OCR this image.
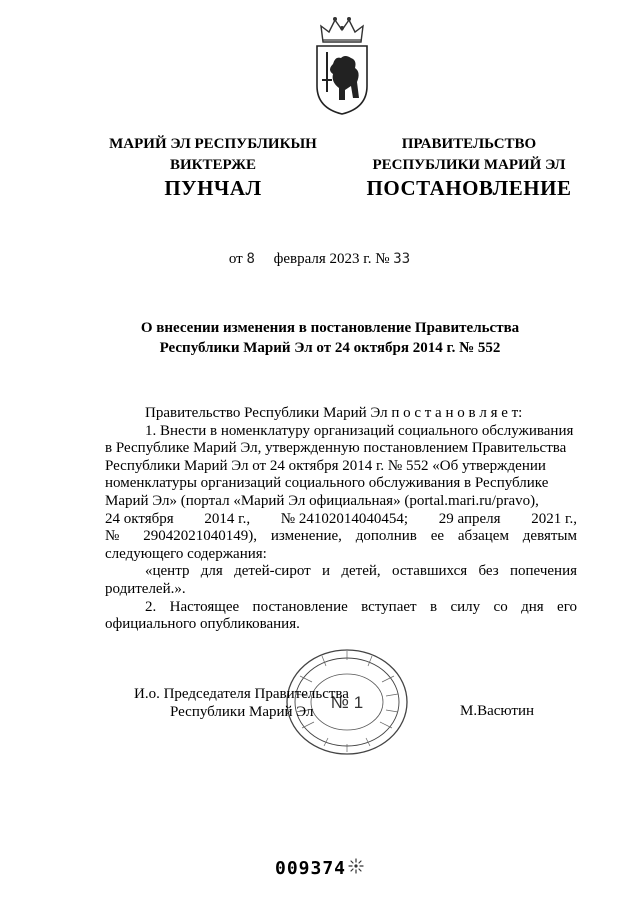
МАРИЙ ЭЛ РЕСПУБЛИКЫН
ВИКТЕРЖЕ
ПУНЧАЛ
ПРАВИТЕЛЬСТВО
РЕСПУБЛИКИ МАРИЙ ЭЛ
ПОСТАНОВЛЕНИЕ
от 8 февраля 2023 г. № 33
О внесении изменения в постановление Правительства
Республики Марий Эл от 24 октября 2014 г. № 552

Правительство Республики Марий Эл п о с т а н о в л я е т:

1. Внести в номенклатуру организаций социального обслуживания

в Республике Марий Эл, утвержденную постановлением Правительства

Республики Марий Эл от 24 октября 2014 г. № 552 «Об утверждении

номенклатуры организаций социального обслуживания в Республике

Марий Эл» (портал «Марий Эл официальная» (portal.mari.ru/pravo),

24 октября 2014 г., № 24102014040454; 29 апреля 2021 г.,

№ 29042021040149), изменение, дополнив ее абзацем девятым

следующего содержания:

«центр для детей-сирот и детей, оставшихся без попечения

родителей.».

2. Настоящее постановление вступает в силу со дня его

официального опубликования.

№ 1
И.о. Председателя Правительства
Республики Марий Эл	М.Васютин
009374
